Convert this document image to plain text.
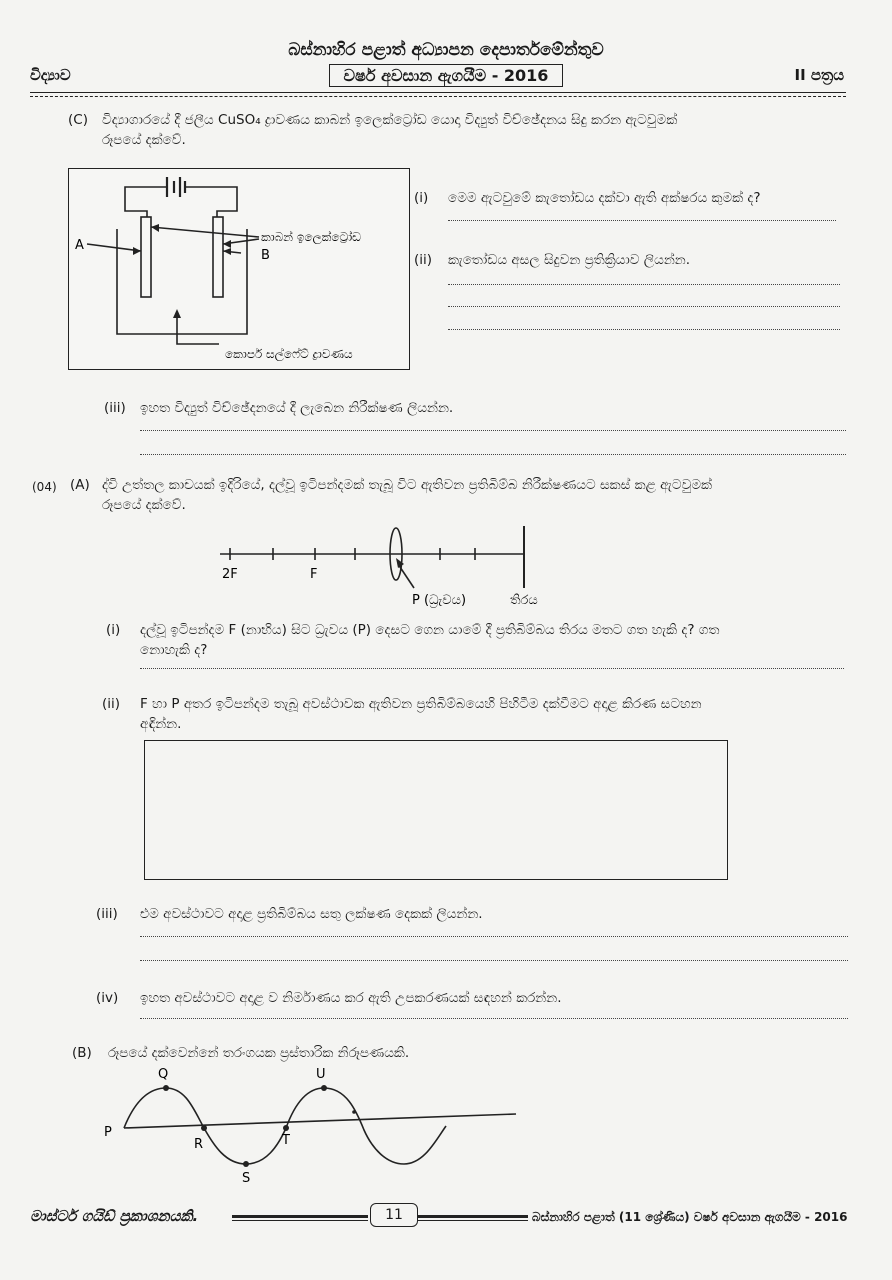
බස්නාහිර පළාත් අධ්‍යාපන දෙපාර්තමේන්තුව
වර්ෂ අවසාන ඇගයීම - 2016
විද්‍යාව	II පත්‍රය
(C) විද්‍යාගාරයේ දී ජලීය CuSO₄ ද්‍රාවණය කාබන් ඉලෙක්ට්‍රෝඩ යොදා විද්‍යුත් විච්ඡේදනය සිදු කරන ඇටවුමක්
රූපයේ දක්වේ.
A
B
කාබන් ඉලෙක්ට්‍රෝඩ
කොපර් සල්ෆේට් ද්‍රාවණය
(i) මෙම ඇටවුමේ කැතෝඩය දක්වා ඇති අක්ෂරය කුමක් ද?
(ii) කැතෝඩය අසල සිදුවන ප්‍රතික්‍රියාව ලියන්න.
(iii) ඉහත විද්‍යුත් විච්ඡේදනයේ දී ලැබෙන නිරීක්ෂණ ලියන්න.
(04) (A) ද්වි උත්තල කාචයක් ඉදිරියේ, දල්වූ ඉටිපන්දමක් තැබූ විට ඇතිවන ප්‍රතිබිම්බ නිරීක්ෂණයට සකස් කළ ඇටවුමක්
රූපයේ දක්වේ.
2F	F
P (ධ්‍රැවය)	තිරය
(i) දල්වූ ඉටිපන්දම F (නාභිය) සිට ධ්‍රැවය (P) දෙසට ගෙන යාමේ දී ප්‍රතිබිම්බය තිරය මතට ගත හැකි ද? ගත
නොහැකි ද?
(ii) F හා P අතර ඉටිපන්දම තැබූ අවස්ථාවක ඇතිවන ප්‍රතිබිම්බයෙහි පිහිටීම දක්වීමට අදාළ කිරණ සටහන
අඳින්න.
(iii) එම අවස්ථාවට අදාළ ප්‍රතිබිම්බය සතු ලක්ෂණ දෙකක් ලියන්න.
(iv) ඉහත අවස්ථාවට අදාළ ව නිර්මාණය කර ඇති උපකරණයක් සඳහන් කරන්න.
(B) රූපයේ දක්වෙන්නේ තරංගයක ප්‍රස්තාරික නිරූපණයකි.
P
Q
R
S
T
U
මාස්ටර් ගයිඩ් ප්‍රකාශනයකි.	11	බස්නාහිර පළාත් (11 ශ්‍රේණිය) වර්ෂ අවසාන ඇගයීම - 2016
